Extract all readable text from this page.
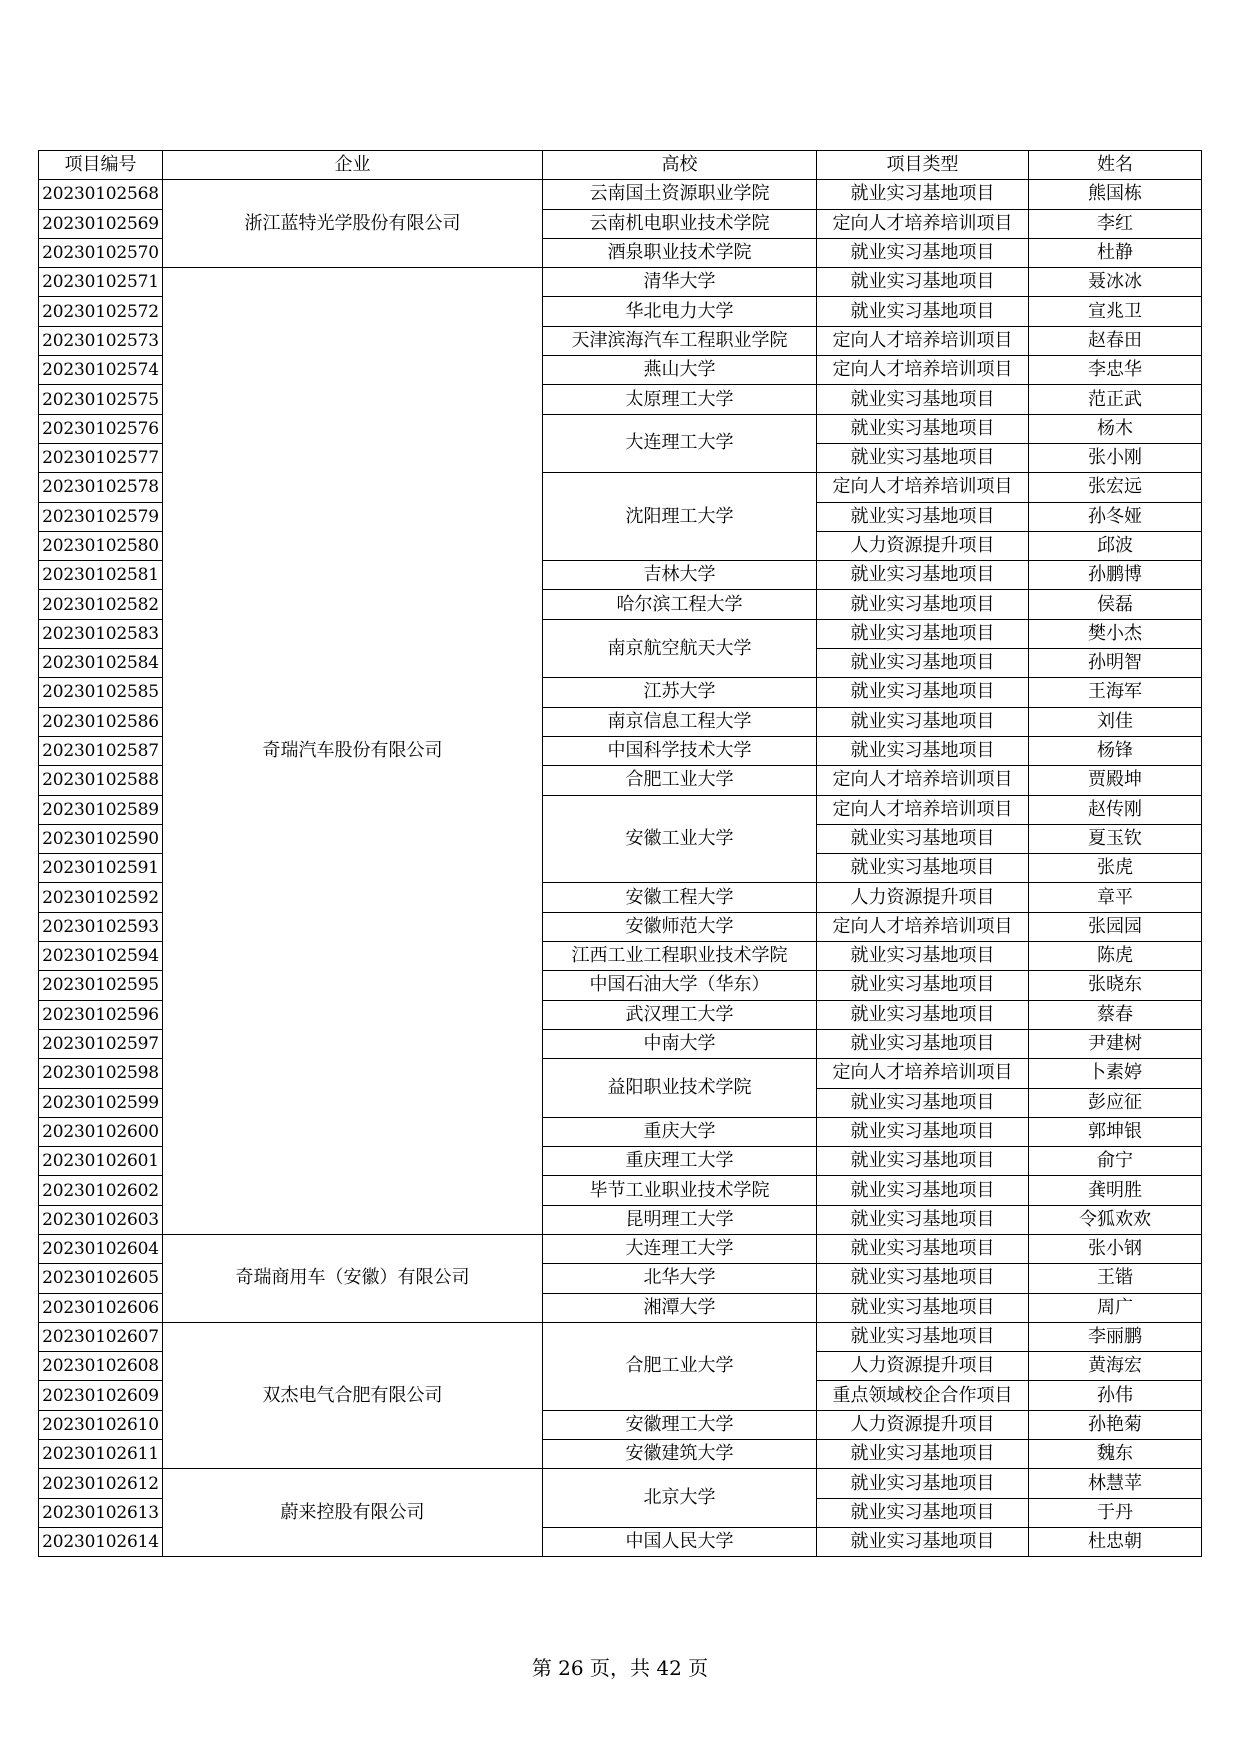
项目编号	企业	高校	项目类型	姓名
20230102568	浙江蓝特光学股份有限公司	云南国土资源职业学院	就业实习基地项目	熊国栋
20230102569		云南机电职业技术学院	定向人才培养培训项目	李红
20230102570		酒泉职业技术学院	就业实习基地项目	杜静
20230102571	奇瑞汽车股份有限公司	清华大学	就业实习基地项目	聂冰冰
20230102572		华北电力大学	就业实习基地项目	宣兆卫
20230102573		天津滨海汽车工程职业学院	定向人才培养培训项目	赵春田
20230102574		燕山大学	定向人才培养培训项目	李忠华
20230102575		太原理工大学	就业实习基地项目	范正武
20230102576		大连理工大学	就业实习基地项目	杨木
20230102577			就业实习基地项目	张小刚
20230102578		沈阳理工大学	定向人才培养培训项目	张宏远
20230102579			就业实习基地项目	孙冬娅
20230102580			人力资源提升项目	邱波
20230102581		吉林大学	就业实习基地项目	孙鹏博
20230102582		哈尔滨工程大学	就业实习基地项目	侯磊
20230102583		南京航空航天大学	就业实习基地项目	樊小杰
20230102584			就业实习基地项目	孙明智
20230102585		江苏大学	就业实习基地项目	王海军
20230102586		南京信息工程大学	就业实习基地项目	刘佳
20230102587		中国科学技术大学	就业实习基地项目	杨锋
20230102588		合肥工业大学	定向人才培养培训项目	贾殿坤
20230102589		安徽工业大学	定向人才培养培训项目	赵传刚
20230102590			就业实习基地项目	夏玉钦
20230102591			就业实习基地项目	张虎
20230102592		安徽工程大学	人力资源提升项目	章平
20230102593		安徽师范大学	定向人才培养培训项目	张园园
20230102594		江西工业工程职业技术学院	就业实习基地项目	陈虎
20230102595		中国石油大学（华东）	就业实习基地项目	张晓东
20230102596		武汉理工大学	就业实习基地项目	蔡春
20230102597		中南大学	就业实习基地项目	尹建树
20230102598		益阳职业技术学院	定向人才培养培训项目	卜素婷
20230102599			就业实习基地项目	彭应征
20230102600		重庆大学	就业实习基地项目	郭坤银
20230102601		重庆理工大学	就业实习基地项目	俞宁
20230102602		毕节工业职业技术学院	就业实习基地项目	龚明胜
20230102603		昆明理工大学	就业实习基地项目	令狐欢欢
20230102604	奇瑞商用车（安徽）有限公司	大连理工大学	就业实习基地项目	张小钢
20230102605		北华大学	就业实习基地项目	王锴
20230102606		湘潭大学	就业实习基地项目	周广
20230102607	双杰电气合肥有限公司	合肥工业大学	就业实习基地项目	李丽鹏
20230102608			人力资源提升项目	黄海宏
20230102609			重点领域校企合作项目	孙伟
20230102610		安徽理工大学	人力资源提升项目	孙艳菊
20230102611		安徽建筑大学	就业实习基地项目	魏东
20230102612	蔚来控股有限公司	北京大学	就业实习基地项目	林慧苹
20230102613			就业实习基地项目	于丹
20230102614		中国人民大学	就业实习基地项目	杜忠朝
第 26 页，共 42 页
